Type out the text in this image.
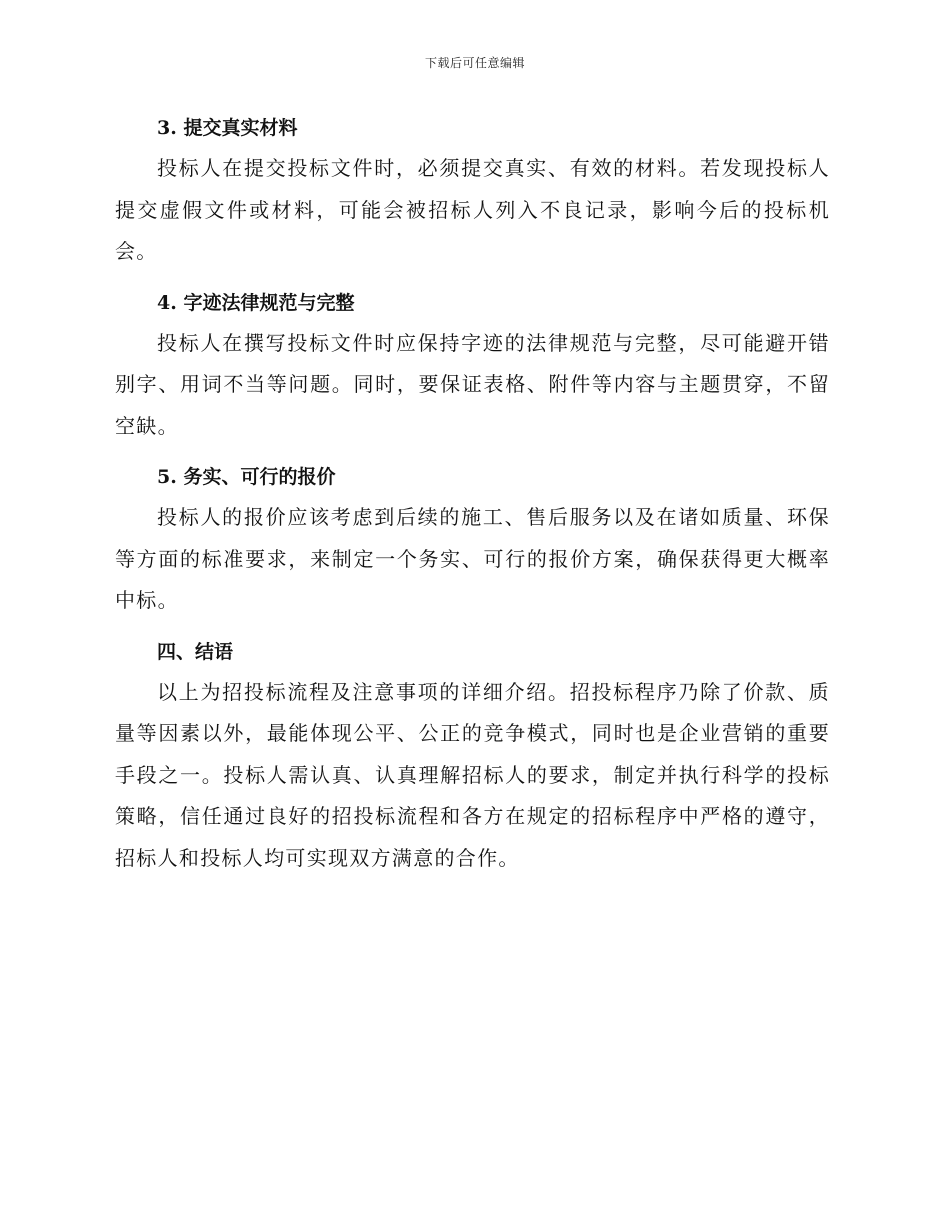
下载后可任意编辑
3. 提交真实材料

投标人在提交投标文件时，必须提交真实、有效的材料。若发现投标人提交虚假文件或材料，可能会被招标人列入不良记录，影响今后的投标机会。

4. 字迹法律规范与完整

投标人在撰写投标文件时应保持字迹的法律规范与完整，尽可能避开错别字、用词不当等问题。同时，要保证表格、附件等内容与主题贯穿，不留空缺。

5. 务实、可行的报价

投标人的报价应该考虑到后续的施工、售后服务以及在诸如质量、环保等方面的标准要求，来制定一个务实、可行的报价方案，确保获得更大概率中标。

四、结语

以上为招投标流程及注意事项的详细介绍。招投标程序乃除了价款、质量等因素以外，最能体现公平、公正的竞争模式，同时也是企业营销的重要手段之一。投标人需认真、认真理解招标人的要求，制定并执行科学的投标策略，信任通过良好的招投标流程和各方在规定的招标程序中严格的遵守，招标人和投标人均可实现双方满意的合作。
